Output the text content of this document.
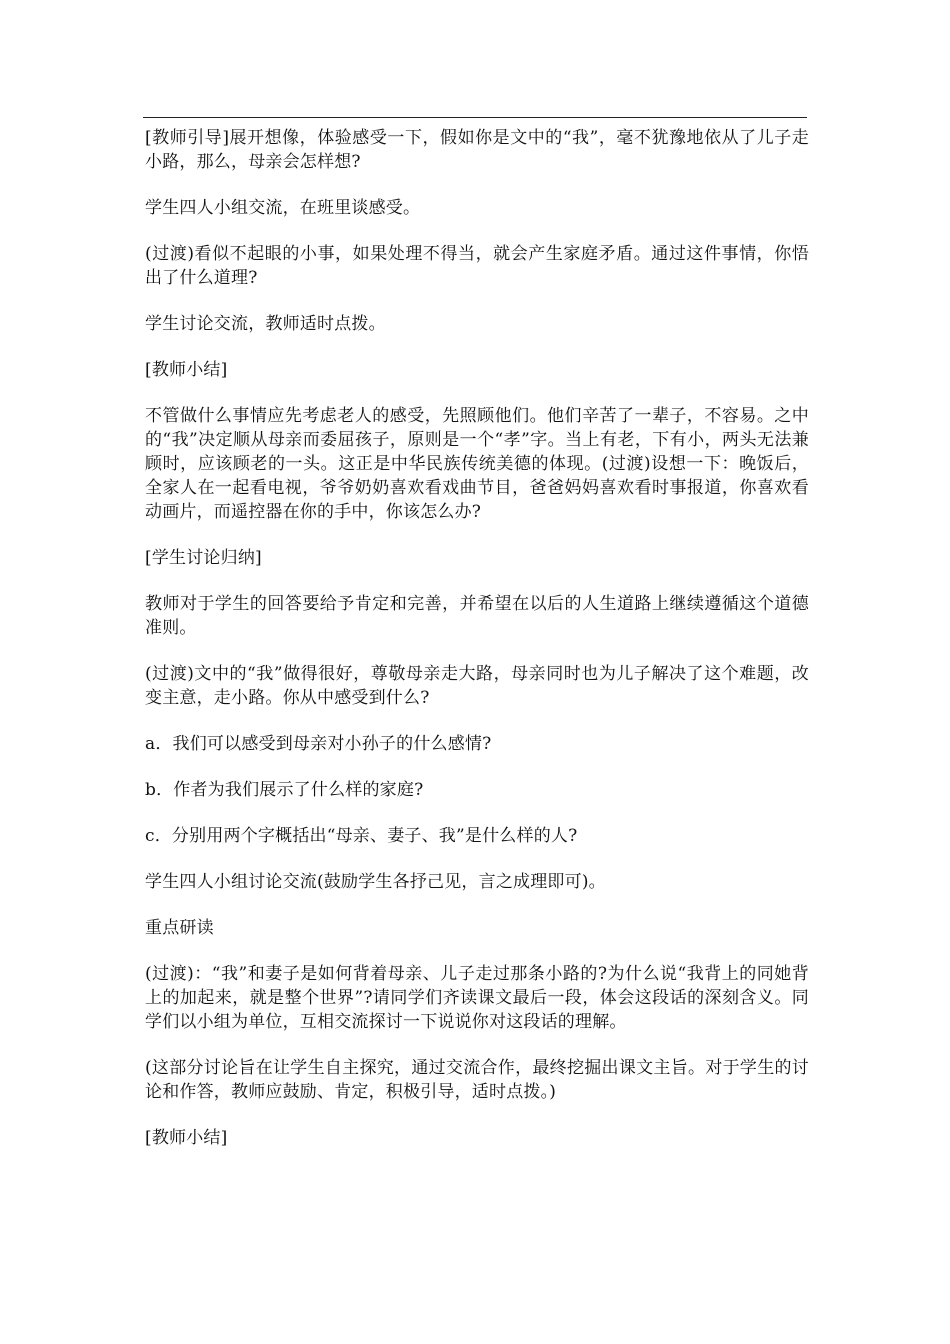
[教师引导]展开想像，体验感受一下，假如你是文中的“我”，毫不犹豫地依从了儿子走小路，那么，母亲会怎样想?

学生四人小组交流，在班里谈感受。

(过渡)看似不起眼的小事，如果处理不得当，就会产生家庭矛盾。通过这件事情，你悟出了什么道理?

学生讨论交流，教师适时点拨。

[教师小结]

不管做什么事情应先考虑老人的感受，先照顾他们。他们辛苦了一辈子，不容易。之中的“我”决定顺从母亲而委屈孩子，原则是一个“孝”字。当上有老，下有小，两头无法兼顾时，应该顾老的一头。这正是中华民族传统美德的体现。(过渡)设想一下：晚饭后，全家人在一起看电视，爷爷奶奶喜欢看戏曲节目，爸爸妈妈喜欢看时事报道，你喜欢看动画片，而遥控器在你的手中，你该怎么办?

[学生讨论归纳]

教师对于学生的回答要给予肯定和完善，并希望在以后的人生道路上继续遵循这个道德准则。

(过渡)文中的“我”做得很好，尊敬母亲走大路，母亲同时也为儿子解决了这个难题，改变主意，走小路。你从中感受到什么?

a．我们可以感受到母亲对小孙子的什么感情?

b．作者为我们展示了什么样的家庭?

c．分别用两个字概括出“母亲、妻子、我”是什么样的人?

学生四人小组讨论交流(鼓励学生各抒己见，言之成理即可)。

重点研读

(过渡)：“我”和妻子是如何背着母亲、儿子走过那条小路的?为什么说“我背上的同她背上的加起来，就是整个世界”?请同学们齐读课文最后一段，体会这段话的深刻含义。同学们以小组为单位，互相交流探讨一下说说你对这段话的理解。

(这部分讨论旨在让学生自主探究，通过交流合作，最终挖掘出课文主旨。对于学生的讨论和作答，教师应鼓励、肯定，积极引导，适时点拨。)

[教师小结]
